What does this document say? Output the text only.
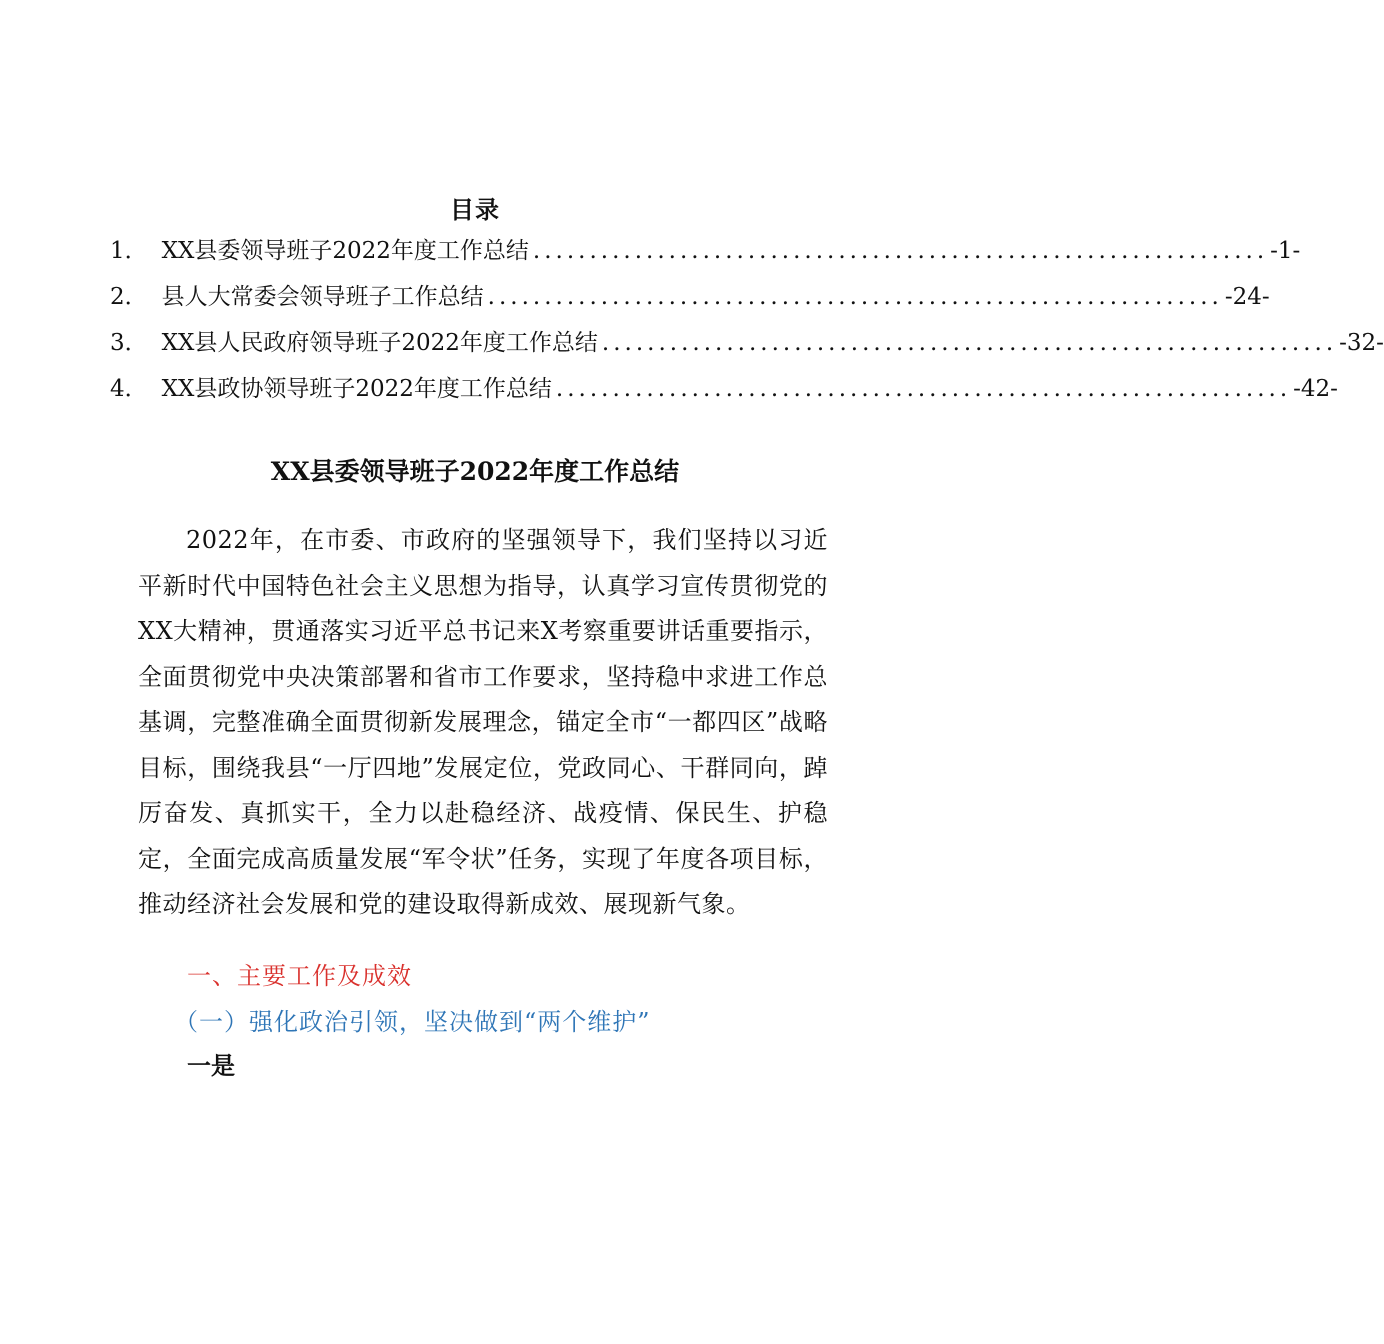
目录
1． XX县委领导班子2022年度工作总结 ................................................................. -1-
2． 县人大常委会领导班子工作总结 ................................................................. -24-
3． XX县人民政府领导班子2022年度工作总结 ................................................................. -32-
4． XX县政协领导班子2022年度工作总结 ................................................................. -42-
XX县委领导班子2022年度工作总结

2022年，在市委、市政府的坚强领导下，我们坚持以习近平新时代中国特色社会主义思想为指导，认真学习宣传贯彻党的XX大精神，贯通落实习近平总书记来X考察重要讲话重要指示，全面贯彻党中央决策部署和省市工作要求，坚持稳中求进工作总基调，完整准确全面贯彻新发展理念，锚定全市“一都四区”战略目标，围绕我县“一厅四地”发展定位，党政同心、干群同向，踔厉奋发、真抓实干，全力以赴稳经济、战疫情、保民生、护稳定，全面完成高质量发展“军令状”任务，实现了年度各项目标，推动经济社会发展和党的建设取得新成效、展现新气象。

一、主要工作及成效
（一）强化政治引领，坚决做到“两个维护”
一是
